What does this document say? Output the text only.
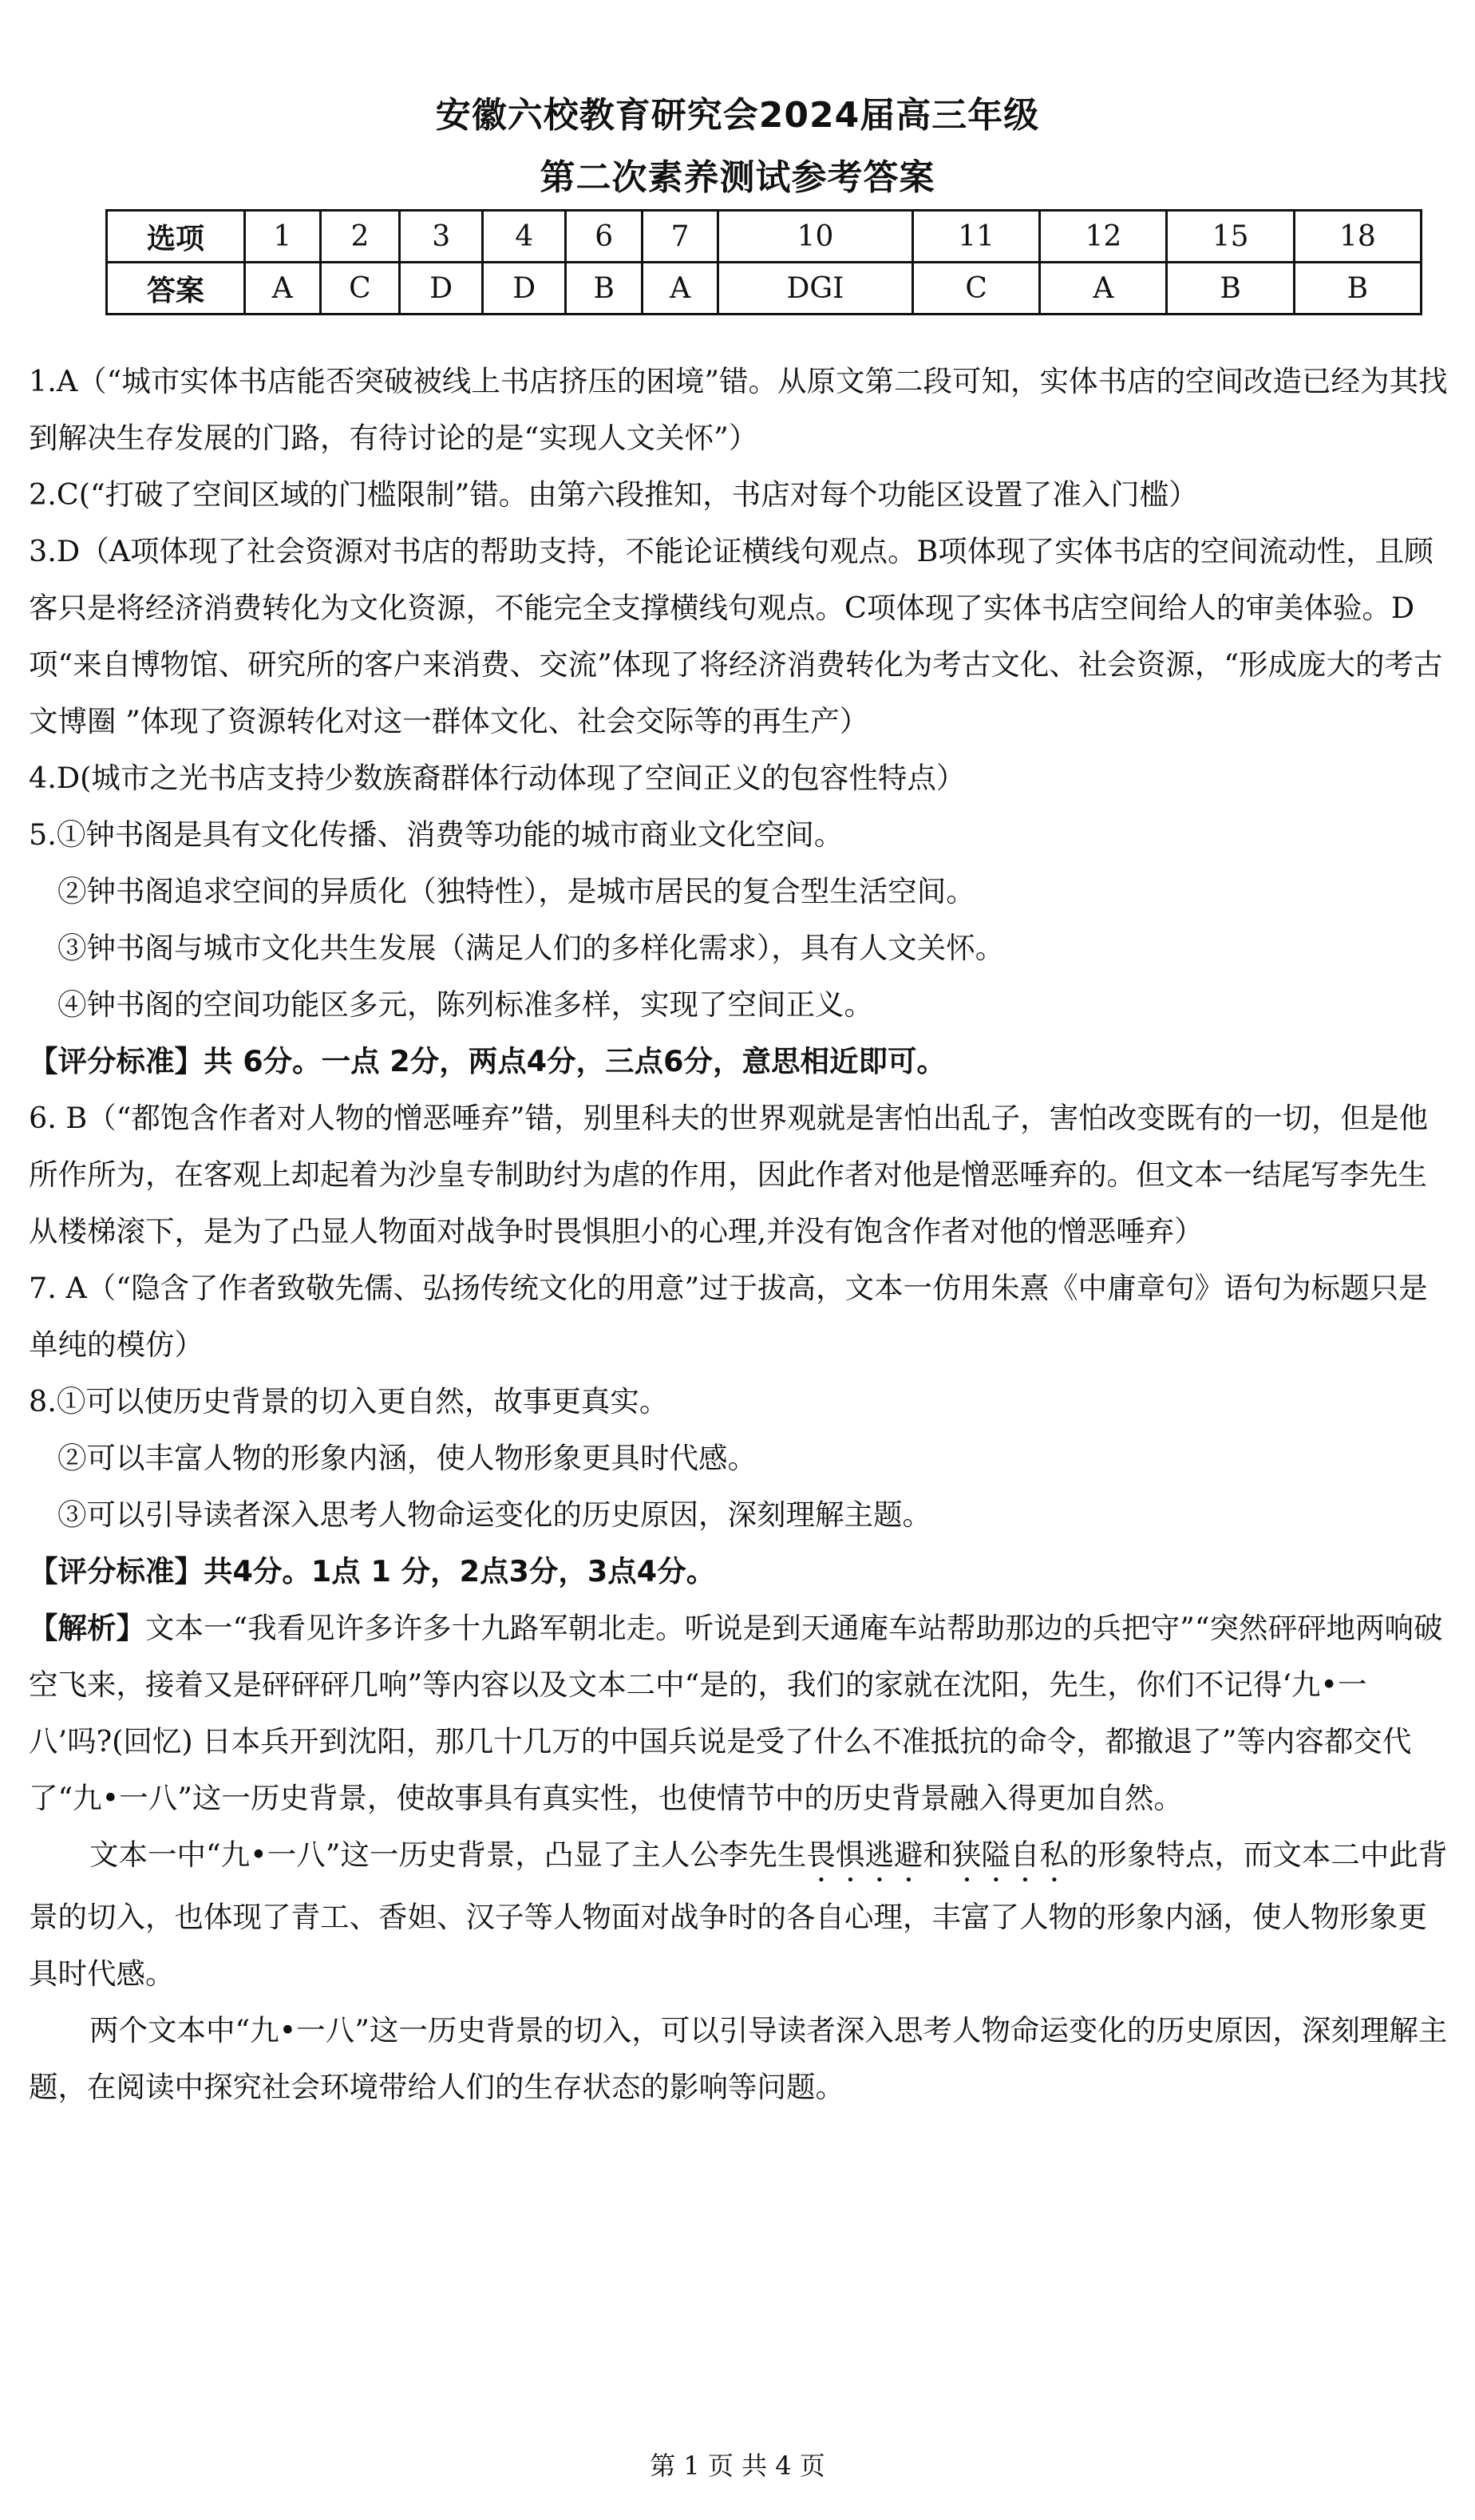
安徽六校教育研究会2024届高三年级
第二次素养测试参考答案
选项	1	2	3	4	6	7	10	11	12	15	18
答案	A	C	D	D	B	A	DGI	C	A	B	B

1.A（“城市实体书店能否突破被线上书店挤压的困境”错。从原文第二段可知，实体书店的空间改造已经为其找到解决生存发展的门路，有待讨论的是“实现人文关怀”）

2.C(“打破了空间区域的门槛限制”错。由第六段推知，书店对每个功能区设置了准入门槛）

3.D（A项体现了社会资源对书店的帮助支持，不能论证横线句观点。B项体现了实体书店的空间流动性，且顾客只是将经济消费转化为文化资源，不能完全支撑横线句观点。C项体现了实体书店空间给人的审美体验。D项“来自博物馆、研究所的客户来消费、交流”体现了将经济消费转化为考古文化、社会资源，“形成庞大的考古文博圈 ”体现了资源转化对这一群体文化、社会交际等的再生产）

4.D(城市之光书店支持少数族裔群体行动体现了空间正义的包容性特点）

5.①钟书阁是具有文化传播、消费等功能的城市商业文化空间。

②钟书阁追求空间的异质化（独特性），是城市居民的复合型生活空间。

③钟书阁与城市文化共生发展（满足人们的多样化需求），具有人文关怀。

④钟书阁的空间功能区多元，陈列标准多样，实现了空间正义。

【评分标准】共 6分。一点 2分，两点4分，三点6分，意思相近即可。

6. B（“都饱含作者对人物的憎恶唾弃”错，别里科夫的世界观就是害怕出乱子，害怕改变既有的一切，但是他所作所为，在客观上却起着为沙皇专制助纣为虐的作用，因此作者对他是憎恶唾弃的。但文本一结尾写李先生从楼梯滚下，是为了凸显人物面对战争时畏惧胆小的心理,并没有饱含作者对他的憎恶唾弃）

7. A（“隐含了作者致敬先儒、弘扬传统文化的用意”过于拔高，文本一仿用朱熹《中庸章句》语句为标题只是单纯的模仿）

8.①可以使历史背景的切入更自然，故事更真实。

②可以丰富人物的形象内涵，使人物形象更具时代感。

③可以引导读者深入思考人物命运变化的历史原因，深刻理解主题。

【评分标准】共4分。1点 1 分，2点3分，3点4分。

【解析】文本一“我看见许多许多十九路军朝北走。听说是到天通庵车站帮助那边的兵把守”“突然砰砰地两响破空飞来，接着又是砰砰砰几响”等内容以及文本二中“是的，我们的家就在沈阳，先生，你们不记得‘九•一八’吗?(回忆) 日本兵开到沈阳，那几十几万的中国兵说是受了什么不准抵抗的命令，都撤退了”等内容都交代了“九•一八”这一历史背景，使故事具有真实性，也使情节中的历史背景融入得更加自然。

文本一中“九•一八”这一历史背景，凸显了主人公李先生畏惧逃避和狭隘自私的形象特点，而文本二中此背景的切入，也体现了青工、香妲、汉子等人物面对战争时的各自心理，丰富了人物的形象内涵，使人物形象更具时代感。

两个文本中“九•一八”这一历史背景的切入，可以引导读者深入思考人物命运变化的历史原因，深刻理解主题，在阅读中探究社会环境带给人们的生存状态的影响等问题。

第 1 页 共 4 页
